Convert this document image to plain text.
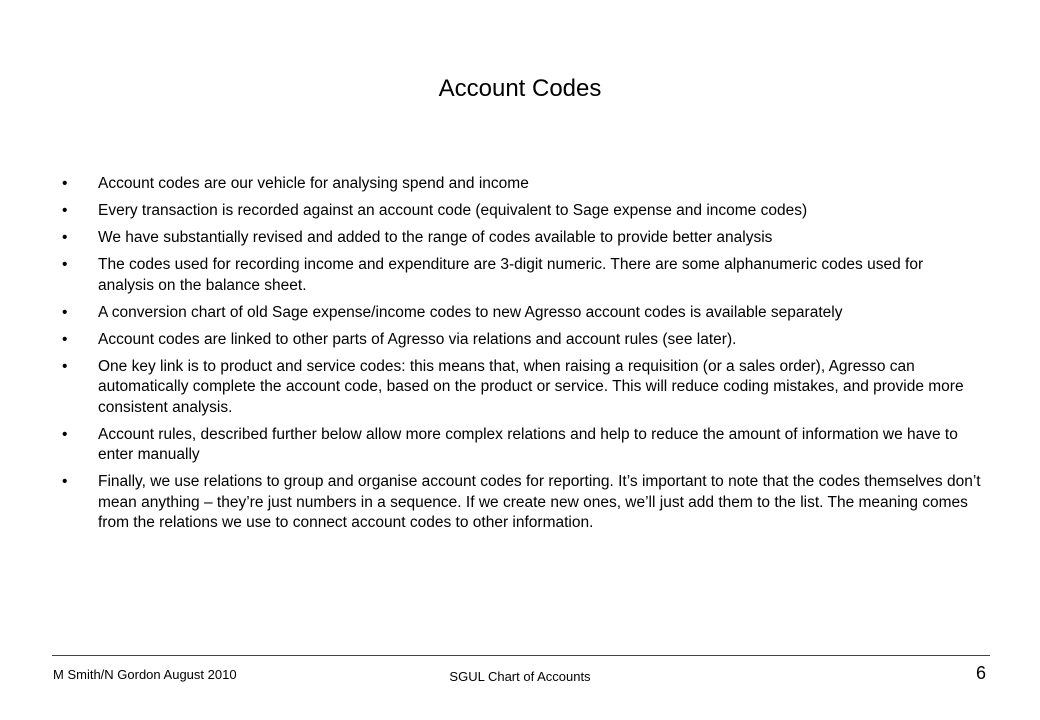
Account Codes
•	Account codes are our vehicle for analysing spend and income
•	Every transaction is recorded against an account code (equivalent to Sage expense and income codes)
•	We have substantially revised and added to the range of codes available to provide better analysis
•	The codes used for recording income and expenditure are 3-digit numeric. There are some alphanumeric codes used for analysis on the balance sheet.
•	A conversion chart of old Sage expense/income codes to new Agresso account codes is available separately
•	Account codes are linked to other parts of Agresso via relations and account rules (see later).
•	One key link is to product and service codes: this means that, when raising a requisition (or a sales order), Agresso can automatically complete the account code, based on the product or service. This will reduce coding mistakes, and provide more consistent analysis.
•	Account rules, described further below allow more complex relations and help to reduce the amount of information we have to enter manually
•	Finally, we use relations to group and organise account codes for reporting. It’s important to note that the codes themselves don’t mean anything – they’re just numbers in a sequence. If we create new ones, we’ll just add them to the list. The meaning comes from the relations we use to connect account codes to other information.
M Smith/N Gordon August 2010	SGUL Chart of Accounts	6
